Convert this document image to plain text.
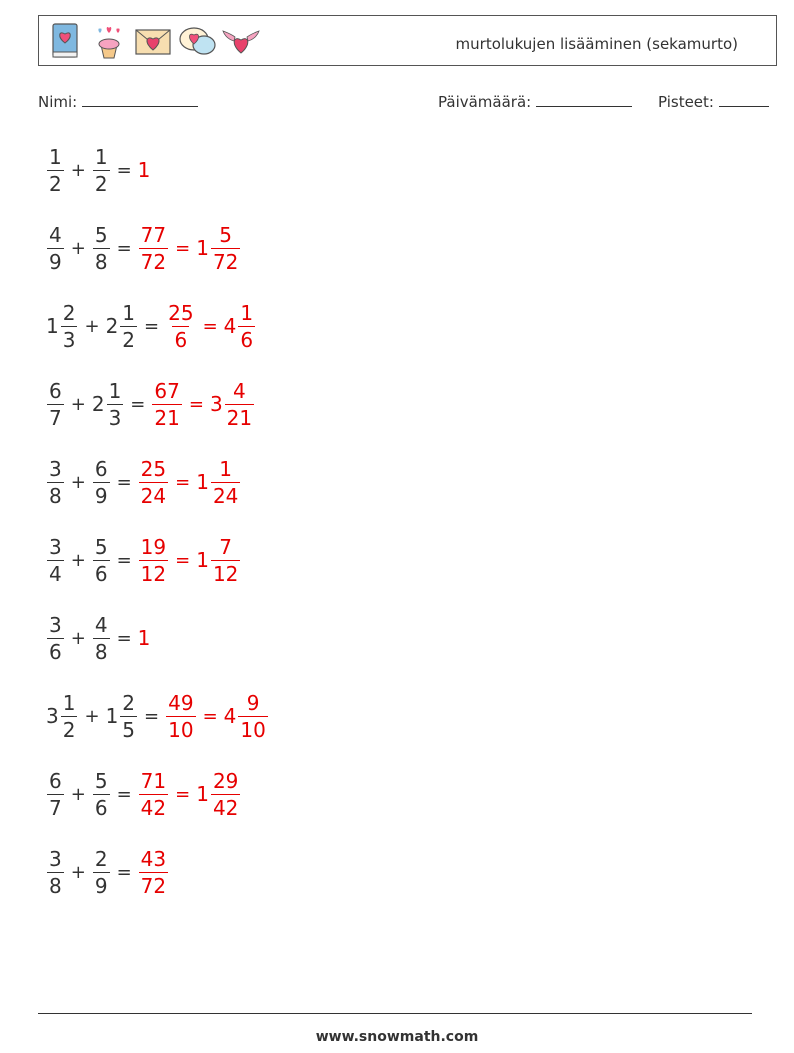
murtolukujen lisääminen (sekamurto)
Nimi:	Päivämäärä:	Pisteet:
$\frac{1}{2} + \frac{1}{2} = 1$
$\frac{4}{9} + \frac{5}{8} = \frac{77}{72} = 1 \frac{5}{72}$
$1 \frac{2}{3} + 2 \frac{1}{2} = \frac{25}{6} = 4 \frac{1}{6}$
$\frac{6}{7} + 2 \frac{1}{3} = \frac{67}{21} = 3 \frac{4}{21}$
$\frac{3}{8} + \frac{6}{9} = \frac{25}{24} = 1 \frac{1}{24}$
$\frac{3}{4} + \frac{5}{6} = \frac{19}{12} = 1 \frac{7}{12}$
$\frac{3}{6} + \frac{4}{8} = 1$
$3 \frac{1}{2} + 1 \frac{2}{5} = \frac{49}{10} = 4 \frac{9}{10}$
$\frac{6}{7} + \frac{5}{6} = \frac{71}{42} = 1 \frac{29}{42}$
$\frac{3}{8} + \frac{2}{9} = \frac{43}{72}$
www.snowmath.com
